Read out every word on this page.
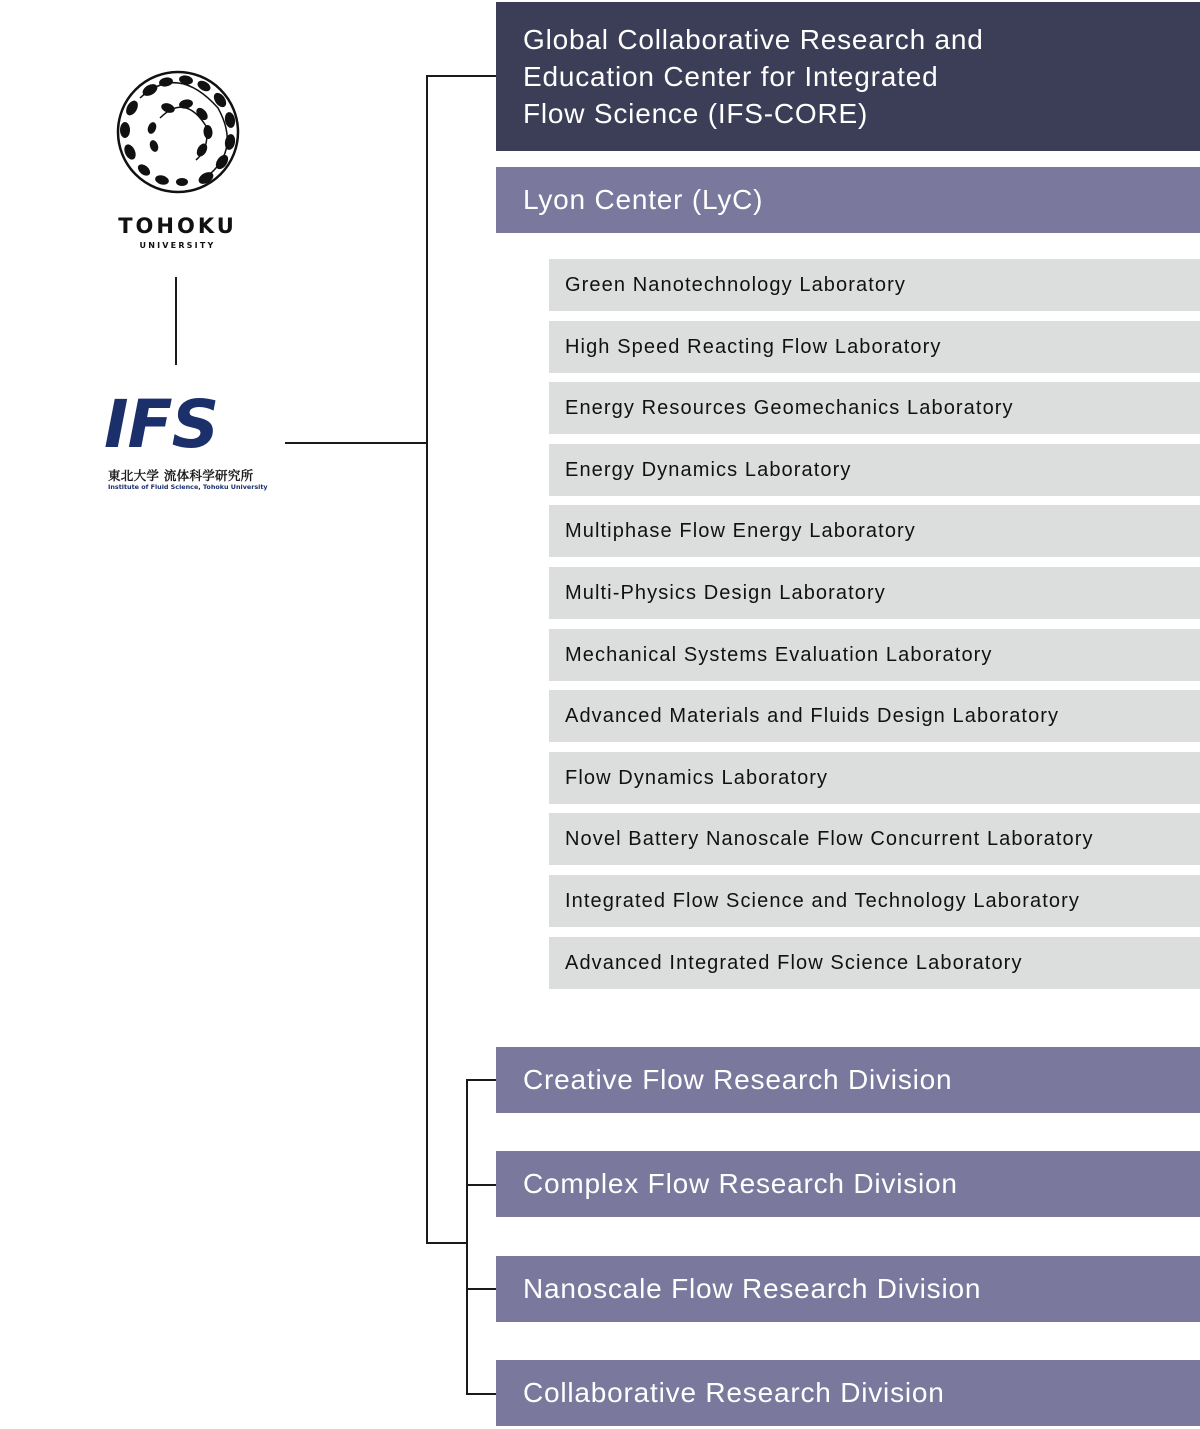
TOHOKU
UNIVERSITY
IFS
東北大学 流体科学研究所
Institute of Fluid Science, Tohoku University
Global Collaborative Research and
Education Center for Integrated
Flow Science (IFS-CORE)
Lyon Center (LyC)
Green Nanotechnology Laboratory
High Speed Reacting Flow Laboratory
Energy Resources Geomechanics Laboratory
Energy Dynamics Laboratory
Multiphase Flow Energy Laboratory
Multi-Physics Design Laboratory
Mechanical Systems Evaluation Laboratory
Advanced Materials and Fluids Design Laboratory
Flow Dynamics Laboratory
Novel Battery Nanoscale Flow Concurrent Laboratory
Integrated Flow Science and Technology Laboratory
Advanced Integrated Flow Science Laboratory
Creative Flow Research Division
Complex Flow Research Division
Nanoscale Flow Research Division
Collaborative Research Division
